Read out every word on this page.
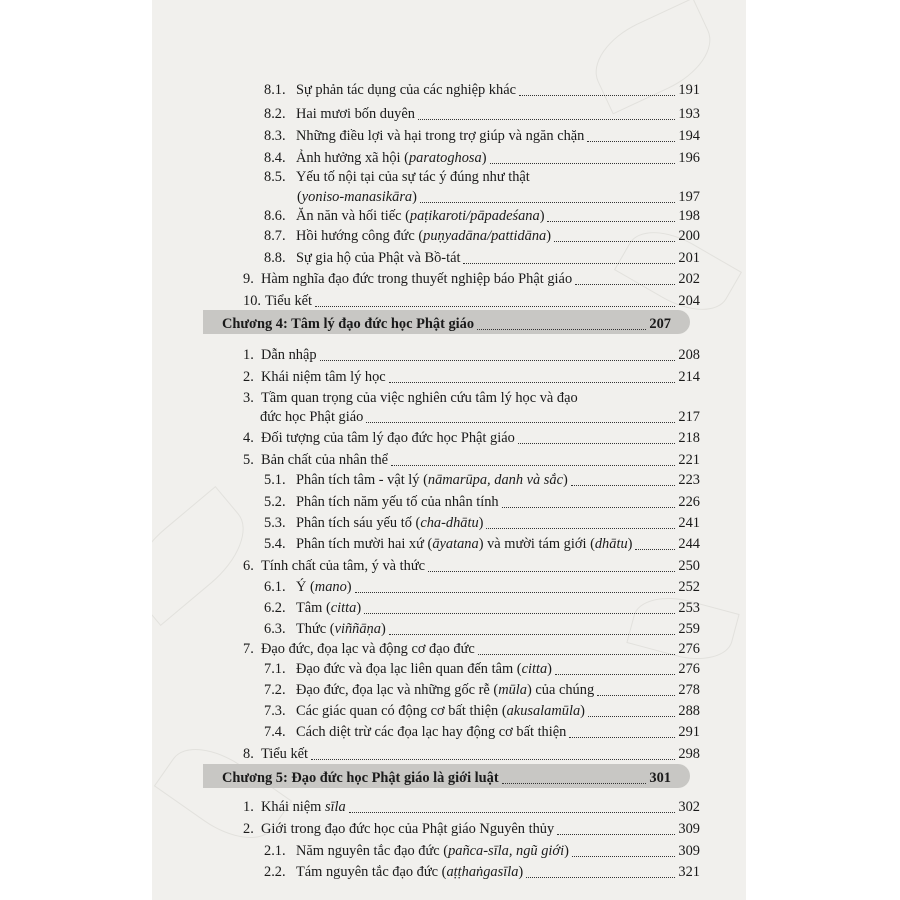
8.1. Sự phản tác dụng của các nghiệp khác	191
8.2. Hai mươi bốn duyên	193
8.3. Những điều lợi và hại trong trợ giúp và ngăn chặn	194
8.4. Ảnh hưởng xã hội (paratoghosa)	196
8.5. Yếu tố nội tại của sự tác ý đúng như thật
(yoniso-manasikāra)	197
8.6. Ăn năn và hối tiếc (paṭikaroti/pāpadeśana)	198
8.7. Hồi hướng công đức (puṇyadāna/pattidāna)	200
8.8. Sự gia hộ của Phật và Bồ-tát	201
9. Hàm nghĩa đạo đức trong thuyết nghiệp báo Phật giáo	202
10. Tiểu kết	204
Chương 4: Tâm lý đạo đức học Phật giáo	207
1. Dẫn nhập	208
2. Khái niệm tâm lý học	214
3. Tầm quan trọng của việc nghiên cứu tâm lý học và đạo
đức học Phật giáo	217
4. Đối tượng của tâm lý đạo đức học Phật giáo	218
5. Bản chất của nhân thể	221
5.1. Phân tích tâm - vật lý (nāmarūpa, danh và sắc)	223
5.2. Phân tích năm yếu tố của nhân tính	226
5.3. Phân tích sáu yếu tố (cha-dhātu)	241
5.4. Phân tích mười hai xứ (āyatana) và mười tám giới (dhātu)	244
6. Tính chất của tâm, ý và thức	250
6.1. Ý (mano)	252
6.2. Tâm (citta)	253
6.3. Thức (viññāṇa)	259
7. Đạo đức, đọa lạc và động cơ đạo đức	276
7.1. Đạo đức và đọa lạc liên quan đến tâm (citta)	276
7.2. Đạo đức, đọa lạc và những gốc rễ (mūla) của chúng	278
7.3. Các giác quan có động cơ bất thiện (akusalamūla)	288
7.4. Cách diệt trừ các đọa lạc hay động cơ bất thiện	291
8. Tiểu kết	298
Chương 5: Đạo đức học Phật giáo là giới luật	301
1. Khái niệm sīla	302
2. Giới trong đạo đức học của Phật giáo Nguyên thủy	309
2.1. Năm nguyên tắc đạo đức (pañca-sīla, ngũ giới)	309
2.2. Tám nguyên tắc đạo đức (aṭṭhaṅgasīla)	321
